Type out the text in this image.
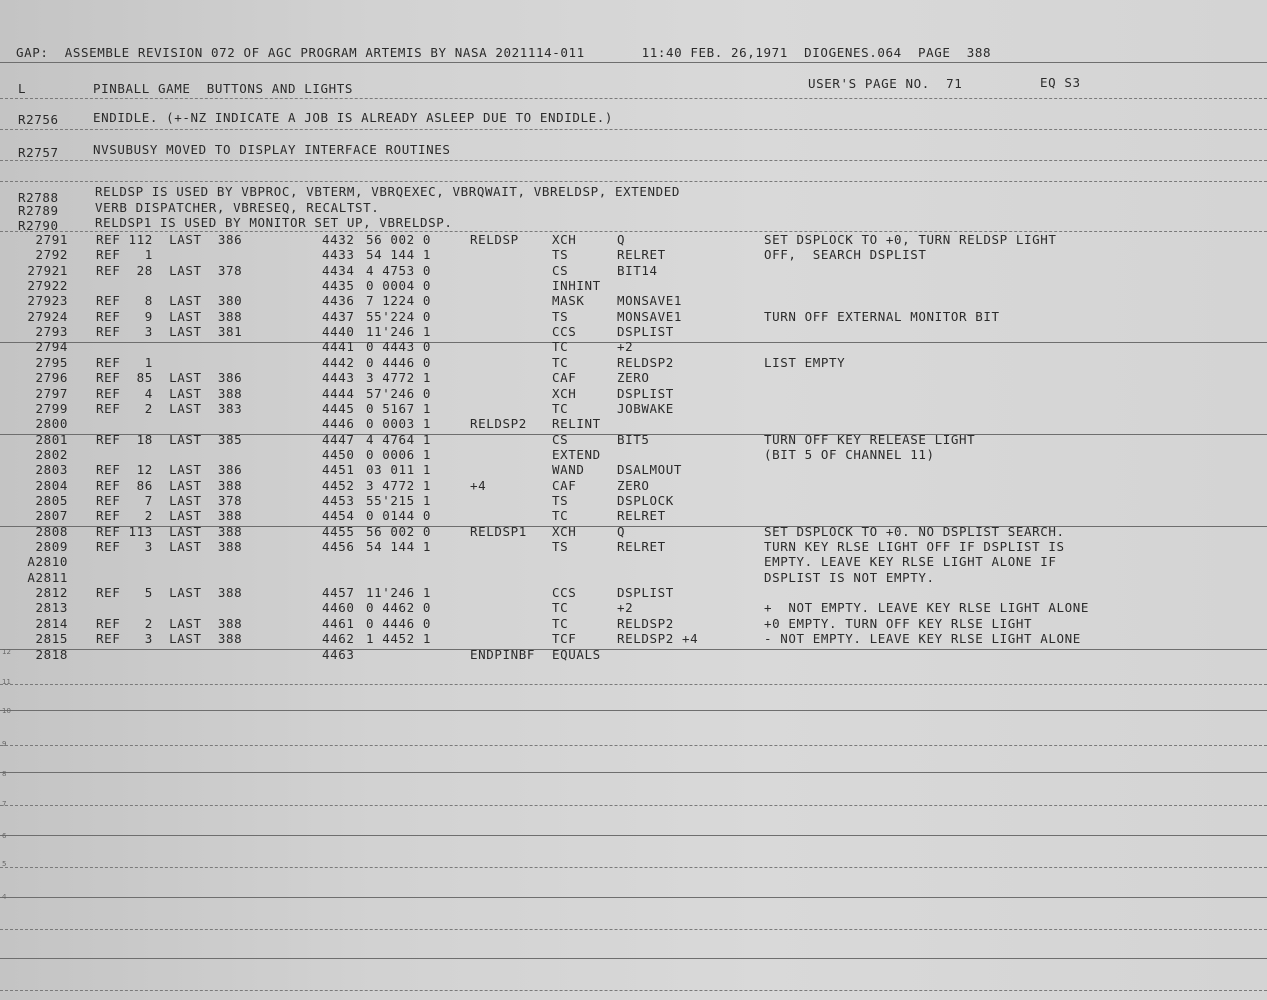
12
11
10
9
8
7
6
5
4
GAP:  ASSEMBLE REVISION 072 OF AGC PROGRAM ARTEMIS BY NASA 2021114-011       11:40 FEB. 26,1971  DIOGENES.064  PAGE  388
L	PINBALL GAME  BUTTONS AND LIGHTS	USER'S PAGE NO.  71	EQ S3
R2756	ENDIDLE. (+-NZ INDICATE A JOB IS ALREADY ASLEEP DUE TO ENDIDLE.)
R2757	NVSUBUSY MOVED TO DISPLAY INTERFACE ROUTINES
R2788	RELDSP IS USED BY VBPROC, VBTERM, VBRQEXEC, VBRQWAIT, VBRELDSP, EXTENDED
R2789	VERB DISPATCHER, VBRESEQ, RECALTST.
R2790	RELDSP1 IS USED BY MONITOR SET UP, VBRELDSP.
2791 REF 112  LAST  386	4432 56 002 0	RELDSP	XCH	Q	SET DSPLOCK TO +0, TURN RELDSP LIGHT
2792 REF   1	4433 54 144 1	TS	RELRET	OFF,  SEARCH DSPLIST
27921 REF  28  LAST  378	4434 4 4753 0	CS	BIT14
27922	4435 0 0004 0	INHINT
27923 REF   8  LAST  380	4436 7 1224 0	MASK	MONSAVE1
27924 REF   9  LAST  388	4437 55'224 0	TS	MONSAVE1	TURN OFF EXTERNAL MONITOR BIT
2793 REF   3  LAST  381	4440 11'246 1	CCS	DSPLIST
2794	4441 0 4443 0	TC	+2
2795 REF   1	4442 0 4446 0	TC	RELDSP2	LIST EMPTY
2796 REF  85  LAST  386	4443 3 4772 1	CAF	ZERO
2797 REF   4  LAST  388	4444 57'246 0	XCH	DSPLIST
2799 REF   2  LAST  383	4445 0 5167 1	TC	JOBWAKE
2800	4446 0 0003 1	RELDSP2 RELINT
2801 REF  18  LAST  385	4447 4 4764 1	CS	BIT5	TURN OFF KEY RELEASE LIGHT
2802	4450 0 0006 1	EXTEND	(BIT 5 OF CHANNEL 11)
2803 REF  12  LAST  386	4451 03 011 1	WAND	DSALMOUT
2804 REF  86  LAST  388	4452 3 4772 1	+4	CAF	ZERO
2805 REF   7  LAST  378	4453 55'215 1	TS	DSPLOCK
2807 REF   2  LAST  388	4454 0 0144 0	TC	RELRET
2808 REF 113  LAST  388	4455 56 002 0	RELDSP1 XCH	Q	SET DSPLOCK TO +0. NO DSPLIST SEARCH.
2809 REF   3  LAST  388	4456 54 144 1	TS	RELRET	TURN KEY RLSE LIGHT OFF IF DSPLIST IS
A2810	EMPTY. LEAVE KEY RLSE LIGHT ALONE IF
A2811	DSPLIST IS NOT EMPTY.
2812 REF   5  LAST  388	4457 11'246 1	CCS	DSPLIST
2813	4460 0 4462 0	TC	+2	+  NOT EMPTY. LEAVE KEY RLSE LIGHT ALONE
2814 REF   2  LAST  388	4461 0 4446 0	TC	RELDSP2	+0 EMPTY. TURN OFF KEY RLSE LIGHT
2815 REF   3  LAST  388	4462 1 4452 1	TCF	RELDSP2 +4	- NOT EMPTY. LEAVE KEY RLSE LIGHT ALONE
2818	4463	ENDPINBF EQUALS
